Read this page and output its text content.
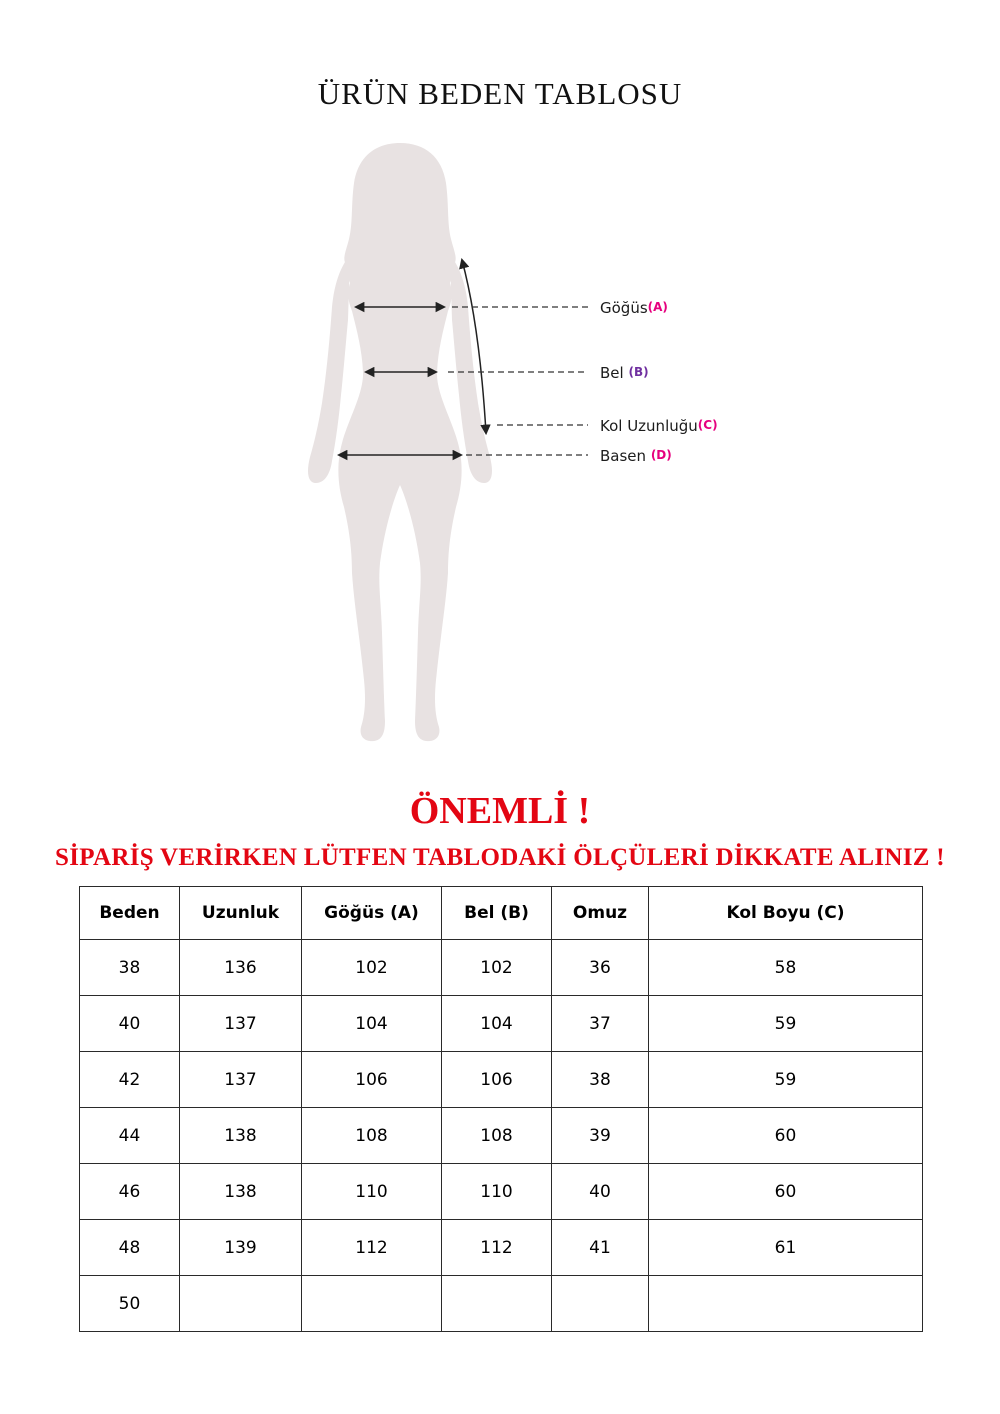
ÜRÜN BEDEN TABLOSU
Göğüs(A)
Bel (B)
Kol Uzunluğu(C)
Basen (D)
ÖNEMLİ !
SİPARİŞ VERİRKEN LÜTFEN TABLODAKİ ÖLÇÜLERİ DİKKATE ALINIZ !
Beden	Uzunluk	Göğüs (A)	Bel (B)	Omuz	Kol Boyu (C)
38	136	102	102	36	58
40	137	104	104	37	59
42	137	106	106	38	59
44	138	108	108	39	60
46	138	110	110	40	60
48	139	112	112	41	61
50					
